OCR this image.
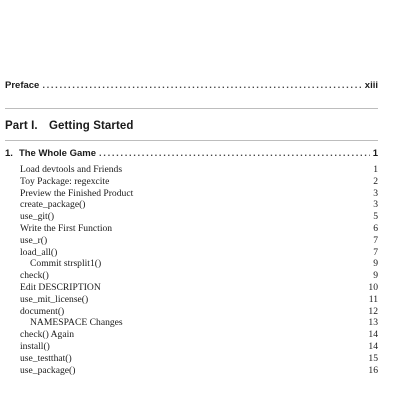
Preface . . .	xiii
Part I. Getting Started
1. The Whole Game . . .	1
Load devtools and Friends	1
Toy Package: regexcite	2
Preview the Finished Product	3
create_package()	3
use_git()	5
Write the First Function	6
use_r()	7
load_all()	7
Commit strsplit1()	9
check()	9
Edit DESCRIPTION	10
use_mit_license()	11
document()	12
NAMESPACE Changes	13
check() Again	14
install()	14
use_testthat()	15
use_package()	16
